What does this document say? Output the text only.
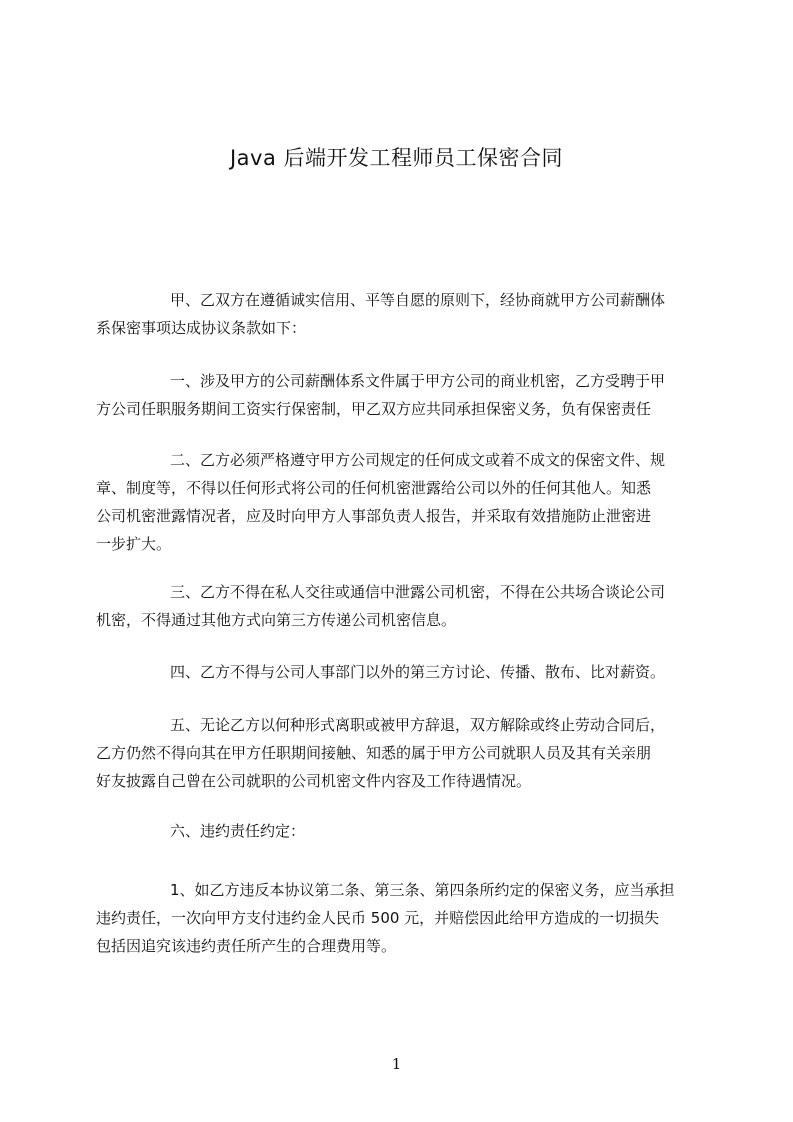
Java 后端开发工程师员工保密合同
甲、乙双方在遵循诚实信用、平等自愿的原则下，经协商就甲方公司薪酬体
系保密事项达成协议条款如下：
一、涉及甲方的公司薪酬体系文件属于甲方公司的商业机密，乙方受聘于甲
方公司任职服务期间工资实行保密制，甲乙双方应共同承担保密义务，负有保密责任
二、乙方必须严格遵守甲方公司规定的任何成文或着不成文的保密文件、规
章、制度等，不得以任何形式将公司的任何机密泄露给公司以外的任何其他人。知悉
公司机密泄露情况者，应及时向甲方人事部负责人报告，并采取有效措施防止泄密进
一步扩大。
三、乙方不得在私人交往或通信中泄露公司机密，不得在公共场合谈论公司
机密，不得通过其他方式向第三方传递公司机密信息。
四、乙方不得与公司人事部门以外的第三方讨论、传播、散布、比对薪资。
五、无论乙方以何种形式离职或被甲方辞退，双方解除或终止劳动合同后，
乙方仍然不得向其在甲方任职期间接触、知悉的属于甲方公司就职人员及其有关亲朋
好友披露自己曾在公司就职的公司机密文件内容及工作待遇情况。
六、违约责任约定：
1、如乙方违反本协议第二条、第三条、第四条所约定的保密义务，应当承担
违约责任，一次向甲方支付违约金人民币 500 元，并赔偿因此给甲方造成的一切损失
包括因追究该违约责任所产生的合理费用等。
1
